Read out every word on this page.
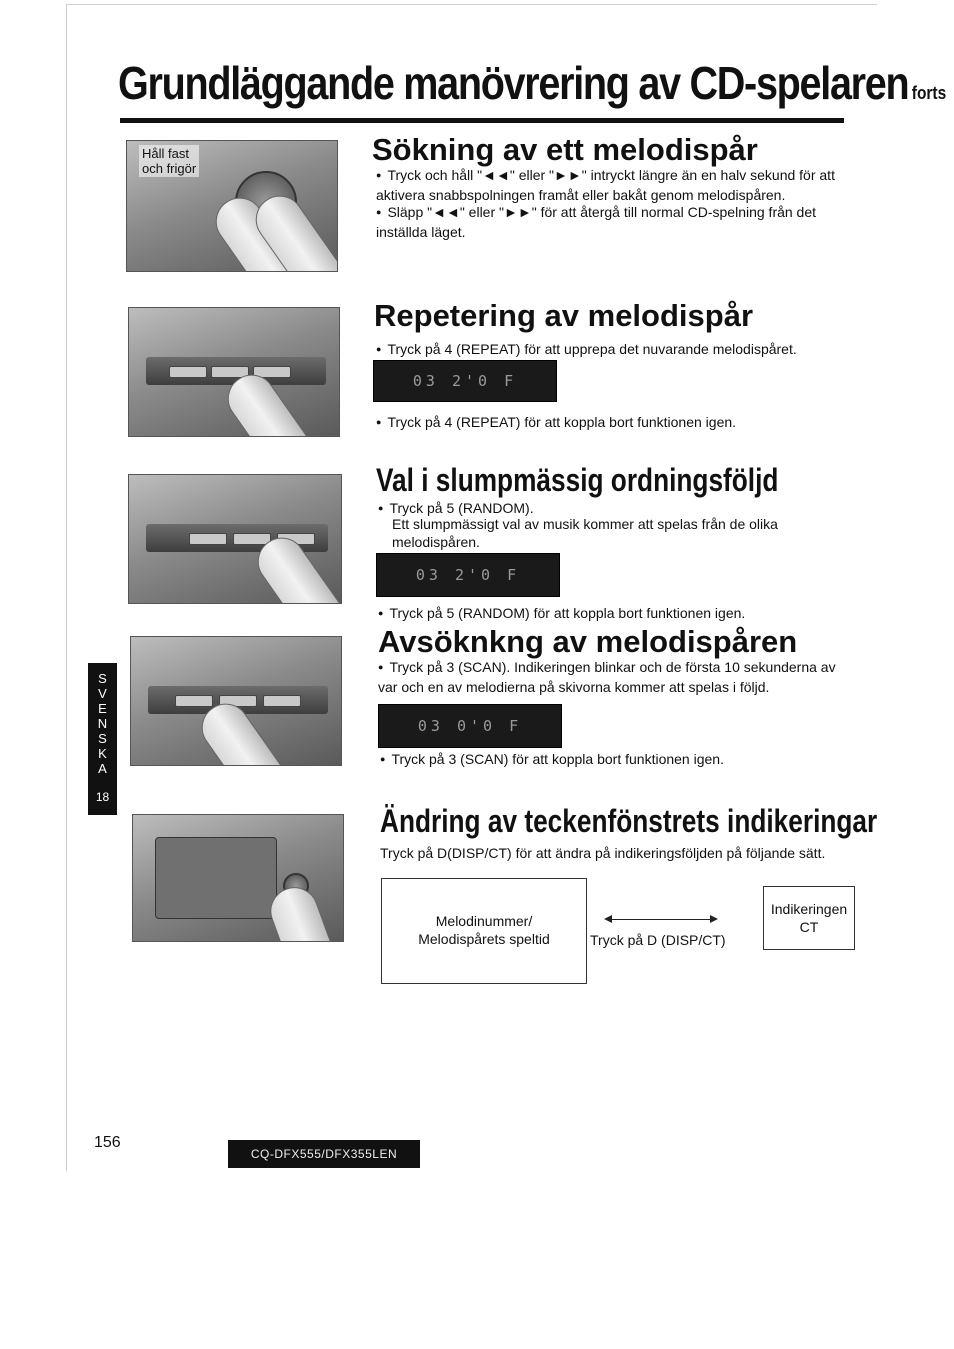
Grundläggande manövrering av CD-spelaren forts
Håll fast
och frigör
Sökning av ett melodispår
● Tryck och håll "◄◄" eller "►►" intryckt längre än en halv sekund för att aktivera snabbspolningen framåt eller bakåt genom melodispåren.
● Släpp "◄◄" eller "►►" för att återgå till normal CD-spelning från det inställda läget.
Repetering av melodispår
● Tryck på 4 (REPEAT) för att upprepa det nuvarande melodispåret.
03 2'0 F
● Tryck på 4 (REPEAT) för att koppla bort funktionen igen.
Val i slumpmässig ordningsföljd
● Tryck på 5 (RANDOM).
Ett slumpmässigt val av musik kommer att spelas från de olika melodispåren.
03 2'0 F
● Tryck på 5 (RANDOM) för att koppla bort funktionen igen.
Avsöknkng av melodispåren
● Tryck på 3 (SCAN). Indikeringen blinkar och de första 10 sekunderna av var och en av melodierna på skivorna kommer att spelas i följd.
03 0'0 F
● Tryck på 3 (SCAN) för att koppla bort funktionen igen.
S
V
E
N
S
K
A
18
Ändring av teckenfönstrets indikeringar
Tryck på D(DISP/CT) för att ändra på indikeringsföljden på följande sätt.
Melodinummer/
Melodispårets speltid	Tryck på D (DISP/CT)
Indikeringen
CT
156
CQ-DFX555/DFX355LEN
